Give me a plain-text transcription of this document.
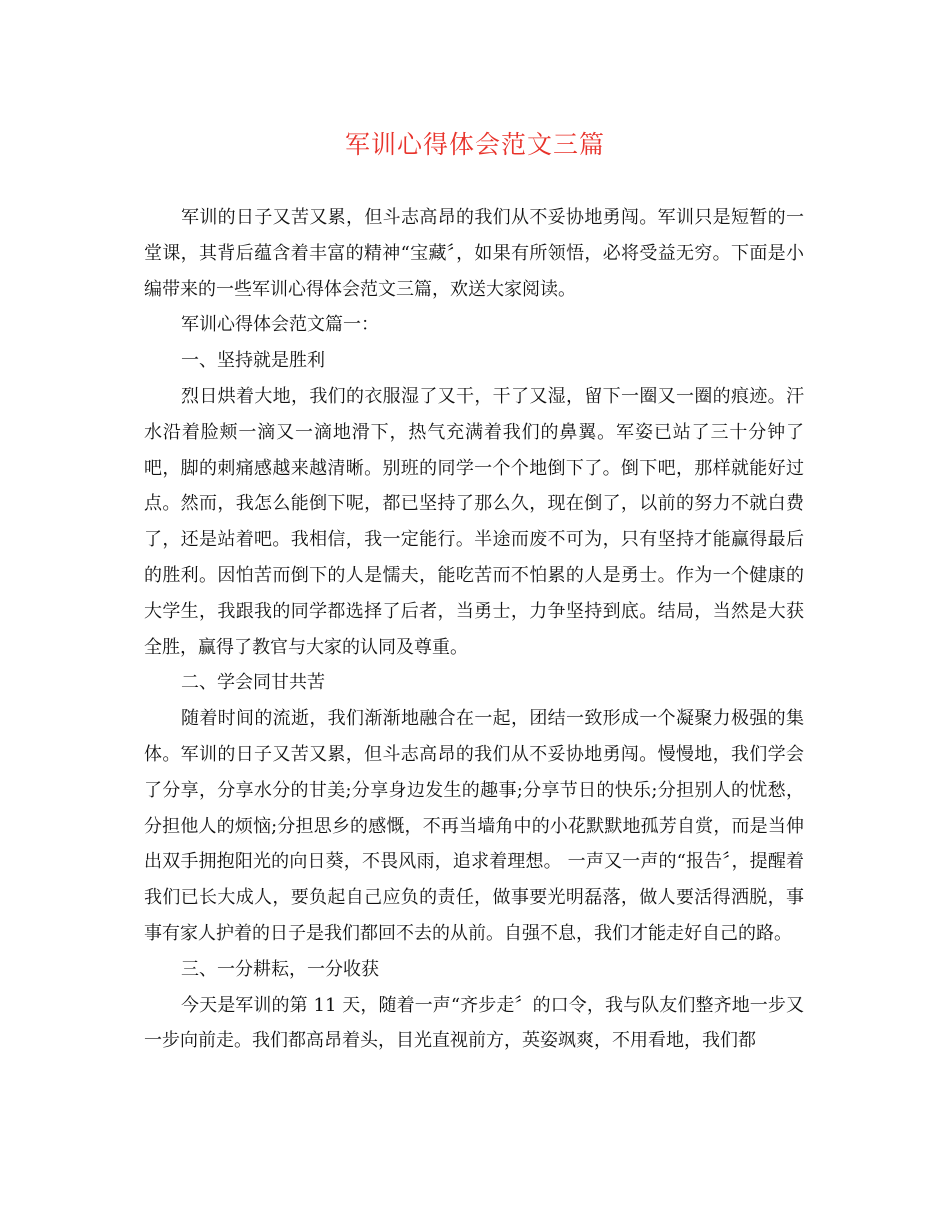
军训心得体会范文三篇

军训的日子又苦又累，但斗志高昂的我们从不妥协地勇闯。军训只是短暂的一堂课，其背后蕴含着丰富的精神“宝藏〞，如果有所领悟，必将受益无穷。下面是小编带来的一些军训心得体会范文三篇，欢送大家阅读。

军训心得体会范文篇一：

一、坚持就是胜利

烈日烘着大地，我们的衣服湿了又干，干了又湿，留下一圈又一圈的痕迹。汗水沿着脸颊一滴又一滴地滑下，热气充满着我们的鼻翼。军姿已站了三十分钟了吧，脚的刺痛感越来越清晰。别班的同学一个个地倒下了。倒下吧，那样就能好过点。然而，我怎么能倒下呢，都已坚持了那么久，现在倒了，以前的努力不就白费了，还是站着吧。我相信，我一定能行。半途而废不可为，只有坚持才能赢得最后的胜利。因怕苦而倒下的人是懦夫，能吃苦而不怕累的人是勇士。作为一个健康的大学生，我跟我的同学都选择了后者，当勇士，力争坚持到底。结局，当然是大获全胜，赢得了教官与大家的认同及尊重。

二、学会同甘共苦

随着时间的流逝，我们渐渐地融合在一起，团结一致形成一个凝聚力极强的集体。军训的日子又苦又累，但斗志高昂的我们从不妥协地勇闯。慢慢地，我们学会了分享，分享水分的甘美;分享身边发生的趣事;分享节日的快乐;分担别人的忧愁，分担他人的烦恼;分担思乡的感慨，不再当墙角中的小花默默地孤芳自赏，而是当伸出双手拥抱阳光的向日葵，不畏风雨，追求着理想。 一声又一声的“报告〞，提醒着我们已长大成人，要负起自己应负的责任，做事要光明磊落，做人要活得洒脱，事事有家人护着的日子是我们都回不去的从前。自强不息，我们才能走好自己的路。

三、一分耕耘，一分收获

今天是军训的第 11 天，随着一声“齐步走〞的口令，我与队友们整齐地一步又一步向前走。我们都高昂着头，目光直视前方，英姿飒爽，不用看地，我们都
